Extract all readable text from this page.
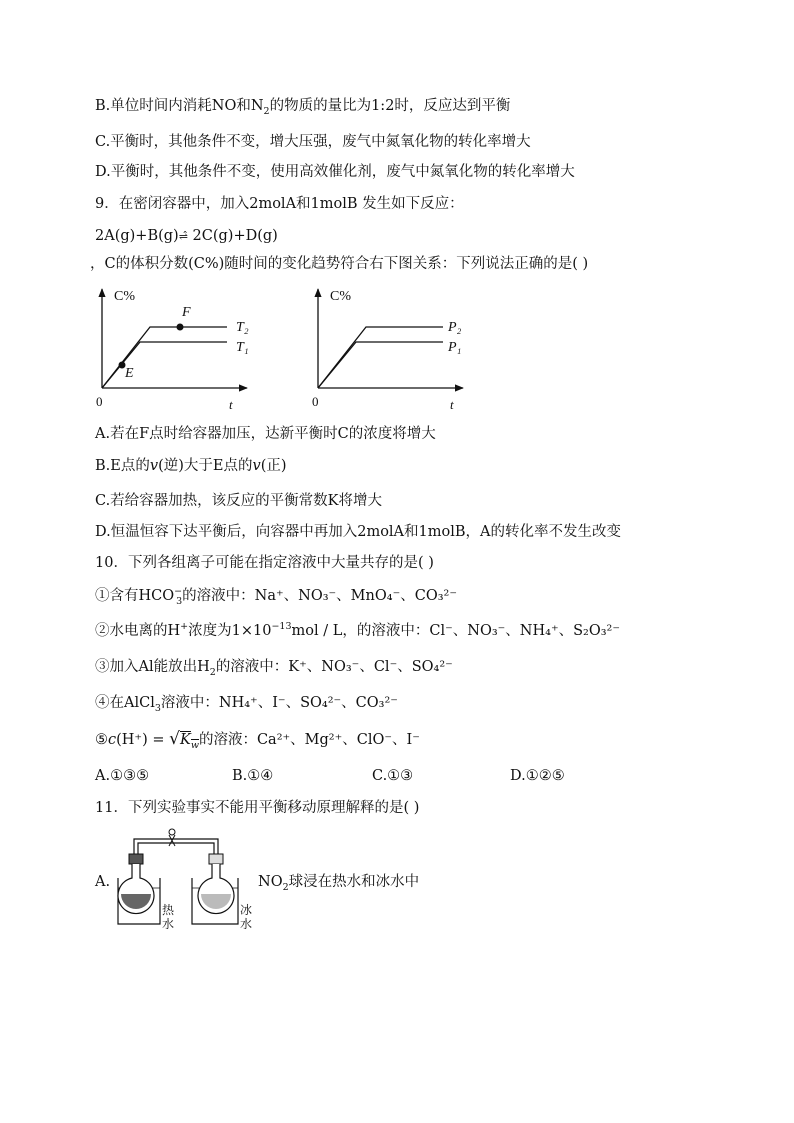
B.单位时间内消耗NO和$N_2$的物质的量比为1:2时，反应达到平衡
C.平衡时，其他条件不变，增大压强，废气中氮氧化物的转化率增大
D.平衡时，其他条件不变，使用高效催化剂，废气中氮氧化物的转化率增大
9．在密闭容器中，加入2molA和1molB 发生如下反应：
2A(g)+B(g)⇌̂ 2C(g)+D(g)
，C的体积分数(C%)随时间的变化趋势符合右下图关系：下列说法正确的是( )
C%
0	t
F
E
T₂
T₁
C%
0	t
P₂
P₁
A.若在F点时给容器加压，达新平衡时C的浓度将增大
B.E点的v(逆)大于E点的v(正)
C.若给容器加热，该反应的平衡常数K将增大
D.恒温恒容下达平衡后，向容器中再加入2molA和1molB，A的转化率不发生改变
10．下列各组离子可能在指定溶液中大量共存的是( )
①含有$HCO^-_3$的溶液中：Na⁺、NO₃⁻、MnO₄⁻、CO₃²⁻
②水电离的H+浓度为$1\times 10^{-13}mol / L$，的溶液中：Cl⁻、NO₃⁻、NH₄⁺、S₂O₃²⁻
③加入Al能放出$H_2$的溶液中：K⁺、NO₃⁻、Cl⁻、SO₄²⁻
④在AlCl$_3$溶液中：NH₄⁺、I⁻、SO₄²⁻、CO₃²⁻
⑤c(H⁺) = $√K_w$的溶液：Ca²⁺、Mg²⁺、ClO⁻、I⁻
A.①③⑤	B.①④	C.①③	D.①②⑤
11．下列实验事实不能用平衡移动原理解释的是( )
A.
热
水
冰
水
$NO_2$球浸在热水和冰水中
